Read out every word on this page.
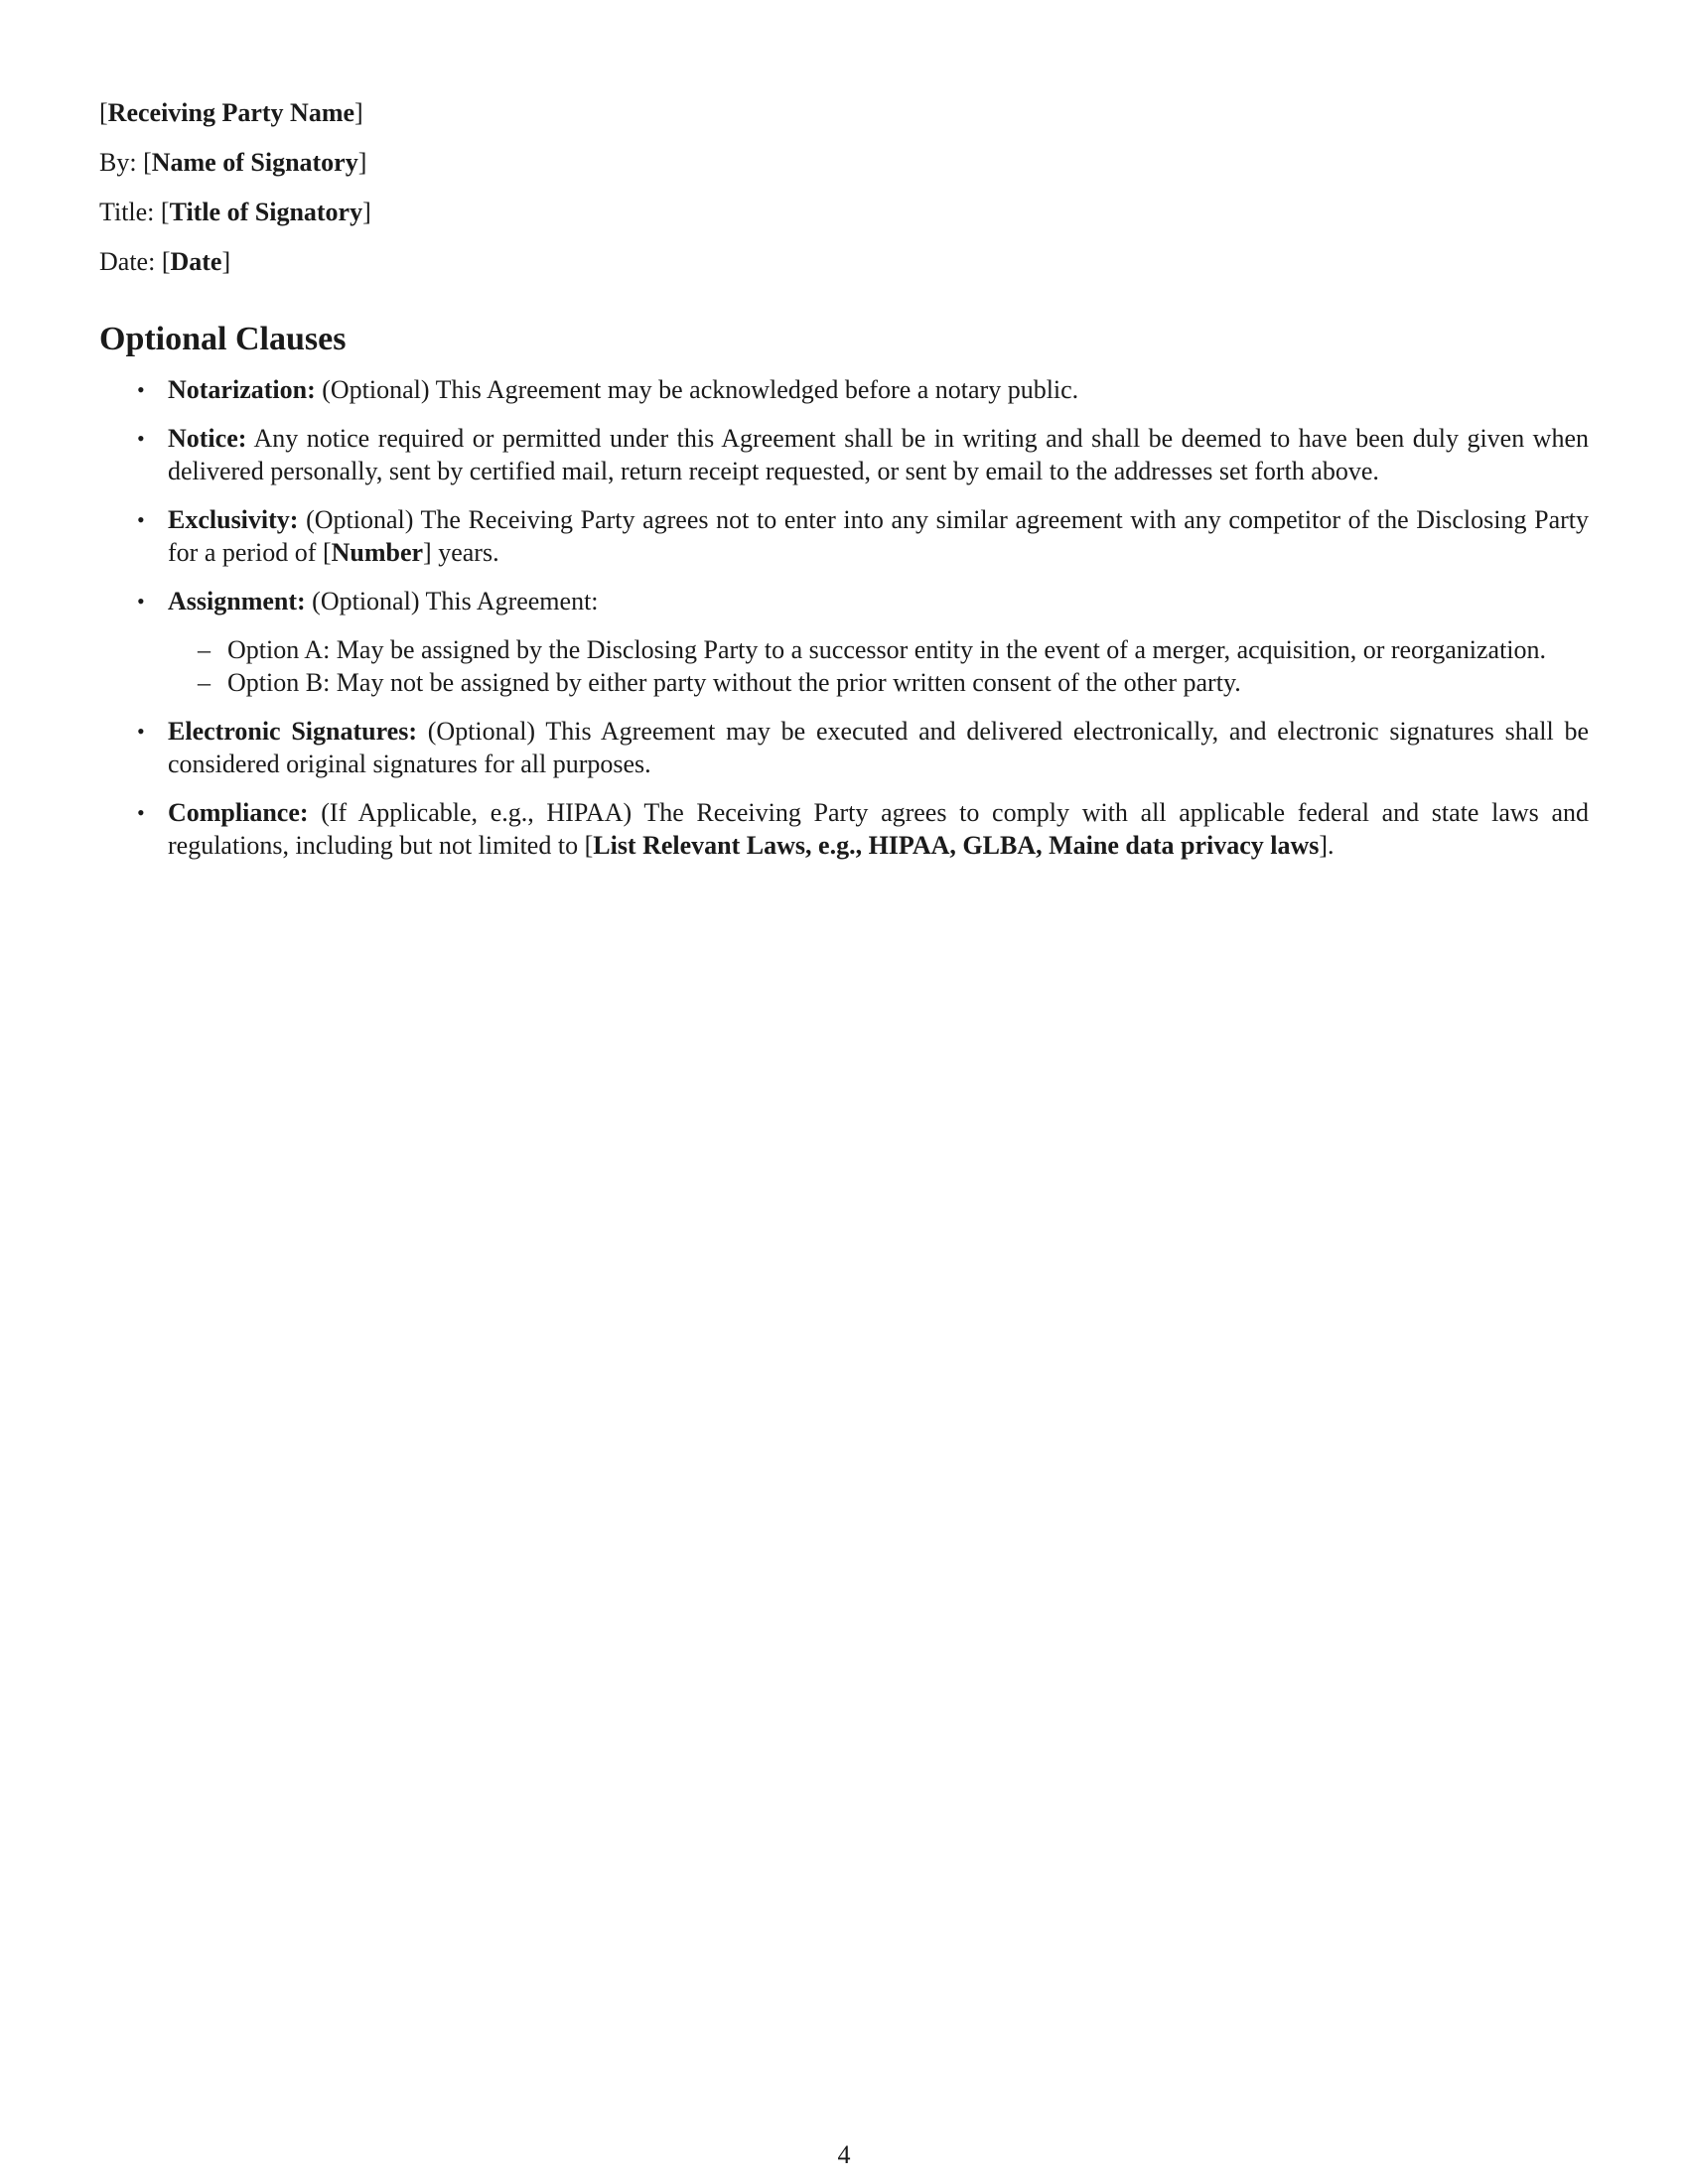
[Receiving Party Name]

By: [Name of Signatory]

Title: [Title of Signatory]

Date: [Date]

Optional Clauses
• Notarization: (Optional) This Agreement may be acknowledged before a notary public.
• Notice: Any notice required or permitted under this Agreement shall be in writing and shall be deemed to have been duly given when delivered personally, sent by certified mail, return receipt requested, or sent by email to the addresses set forth above.
• Exclusivity: (Optional) The Receiving Party agrees not to enter into any similar agreement with any competitor of the Disclosing Party for a period of [Number] years.
• Assignment: (Optional) This Agreement:
– Option A: May be assigned by the Disclosing Party to a successor entity in the event of a merger, acquisition, or reorganization.
– Option B: May not be assigned by either party without the prior written consent of the other party.
• Electronic Signatures: (Optional) This Agreement may be executed and delivered electronically, and electronic signatures shall be considered original signatures for all purposes.
• Compliance: (If Applicable, e.g., HIPAA) The Receiving Party agrees to comply with all applicable federal and state laws and regulations, including but not limited to [List Relevant Laws, e.g., HIPAA, GLBA, Maine data privacy laws].
4
